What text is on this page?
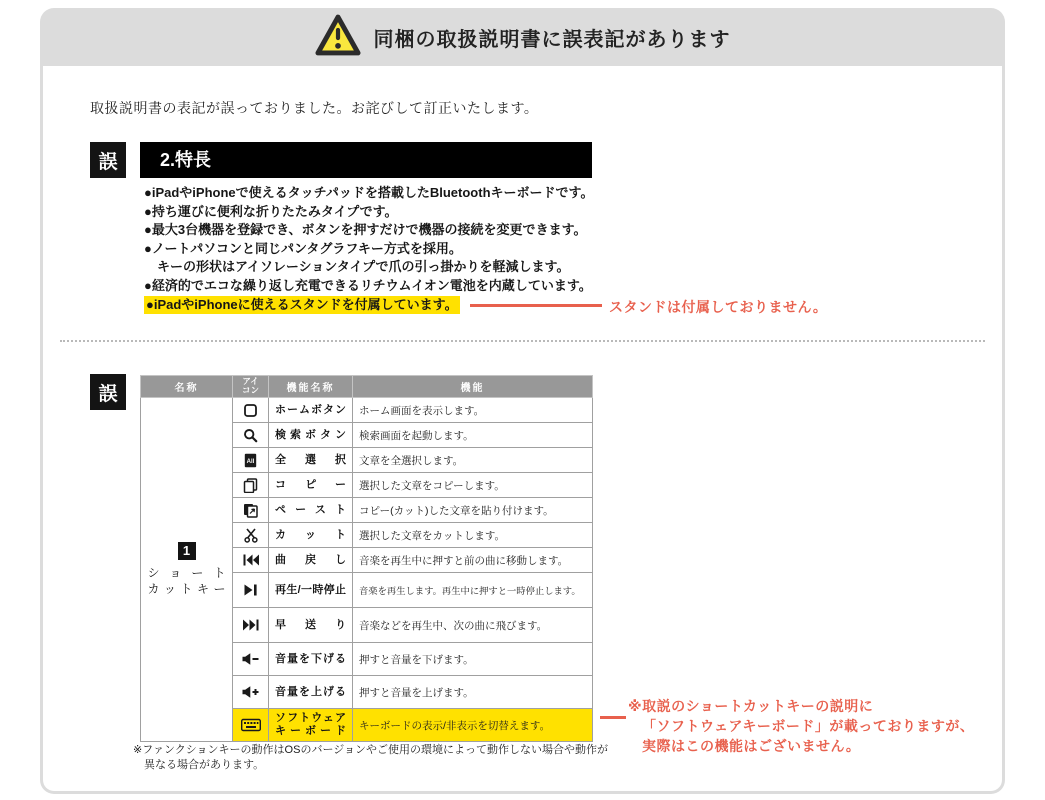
同梱の取扱説明書に誤表記があります
取扱説明書の表記が誤っておりました。お詫びして訂正いたします。
誤	2.特長
●iPadやiPhoneで使えるタッチパッドを搭載したBluetoothキーボードです。
●持ち運びに便利な折りたたみタイプです。
●最大3台機器を登録でき、ボタンを押すだけで機器の接続を変更できます。
●ノートパソコンと同じパンタグラフキー方式を採用。
　キーの形状はアイソレーションタイプで爪の引っ掛かりを軽減します。
●経済的でエコな繰り返し充電できるリチウムイオン電池を内蔵しています。
●iPadやiPhoneに使えるスタンドを付属しています。	スタンドは付属しておりません。
誤	名称	アイコン	機能名称	機能
1
ショート
カットキー		ホームボタン	ホーム画面を表示します。

	検索ボタン	検索画面を起動します。

All	全選択	文章を全選択します。

	コピー	選択した文章をコピーします。

	ペースト	コピー(カット)した文章を貼り付けます。

	カット	選択した文章をカットします。

	曲戻し	音楽を再生中に押すと前の曲に移動します。

	再生/一時停止	音楽を再生します。再生中に押すと一時停止します。

	早送り	音楽などを再生中、次の曲に飛びます。

	音量を下げる	押すと音量を下げます。

	音量を上げる	押すと音量を上げます。

	ソフトウェアキーボード	キーボードの表示/非表示を切替えます。
※ファンクションキーの動作はOSのバージョンやご使用の環境によって動作しない場合や動作が
異なる場合があります。
※取説のショートカットキーの説明に
「ソフトウェアキーボード」が載っておりますが、
実際はこの機能はございません。
